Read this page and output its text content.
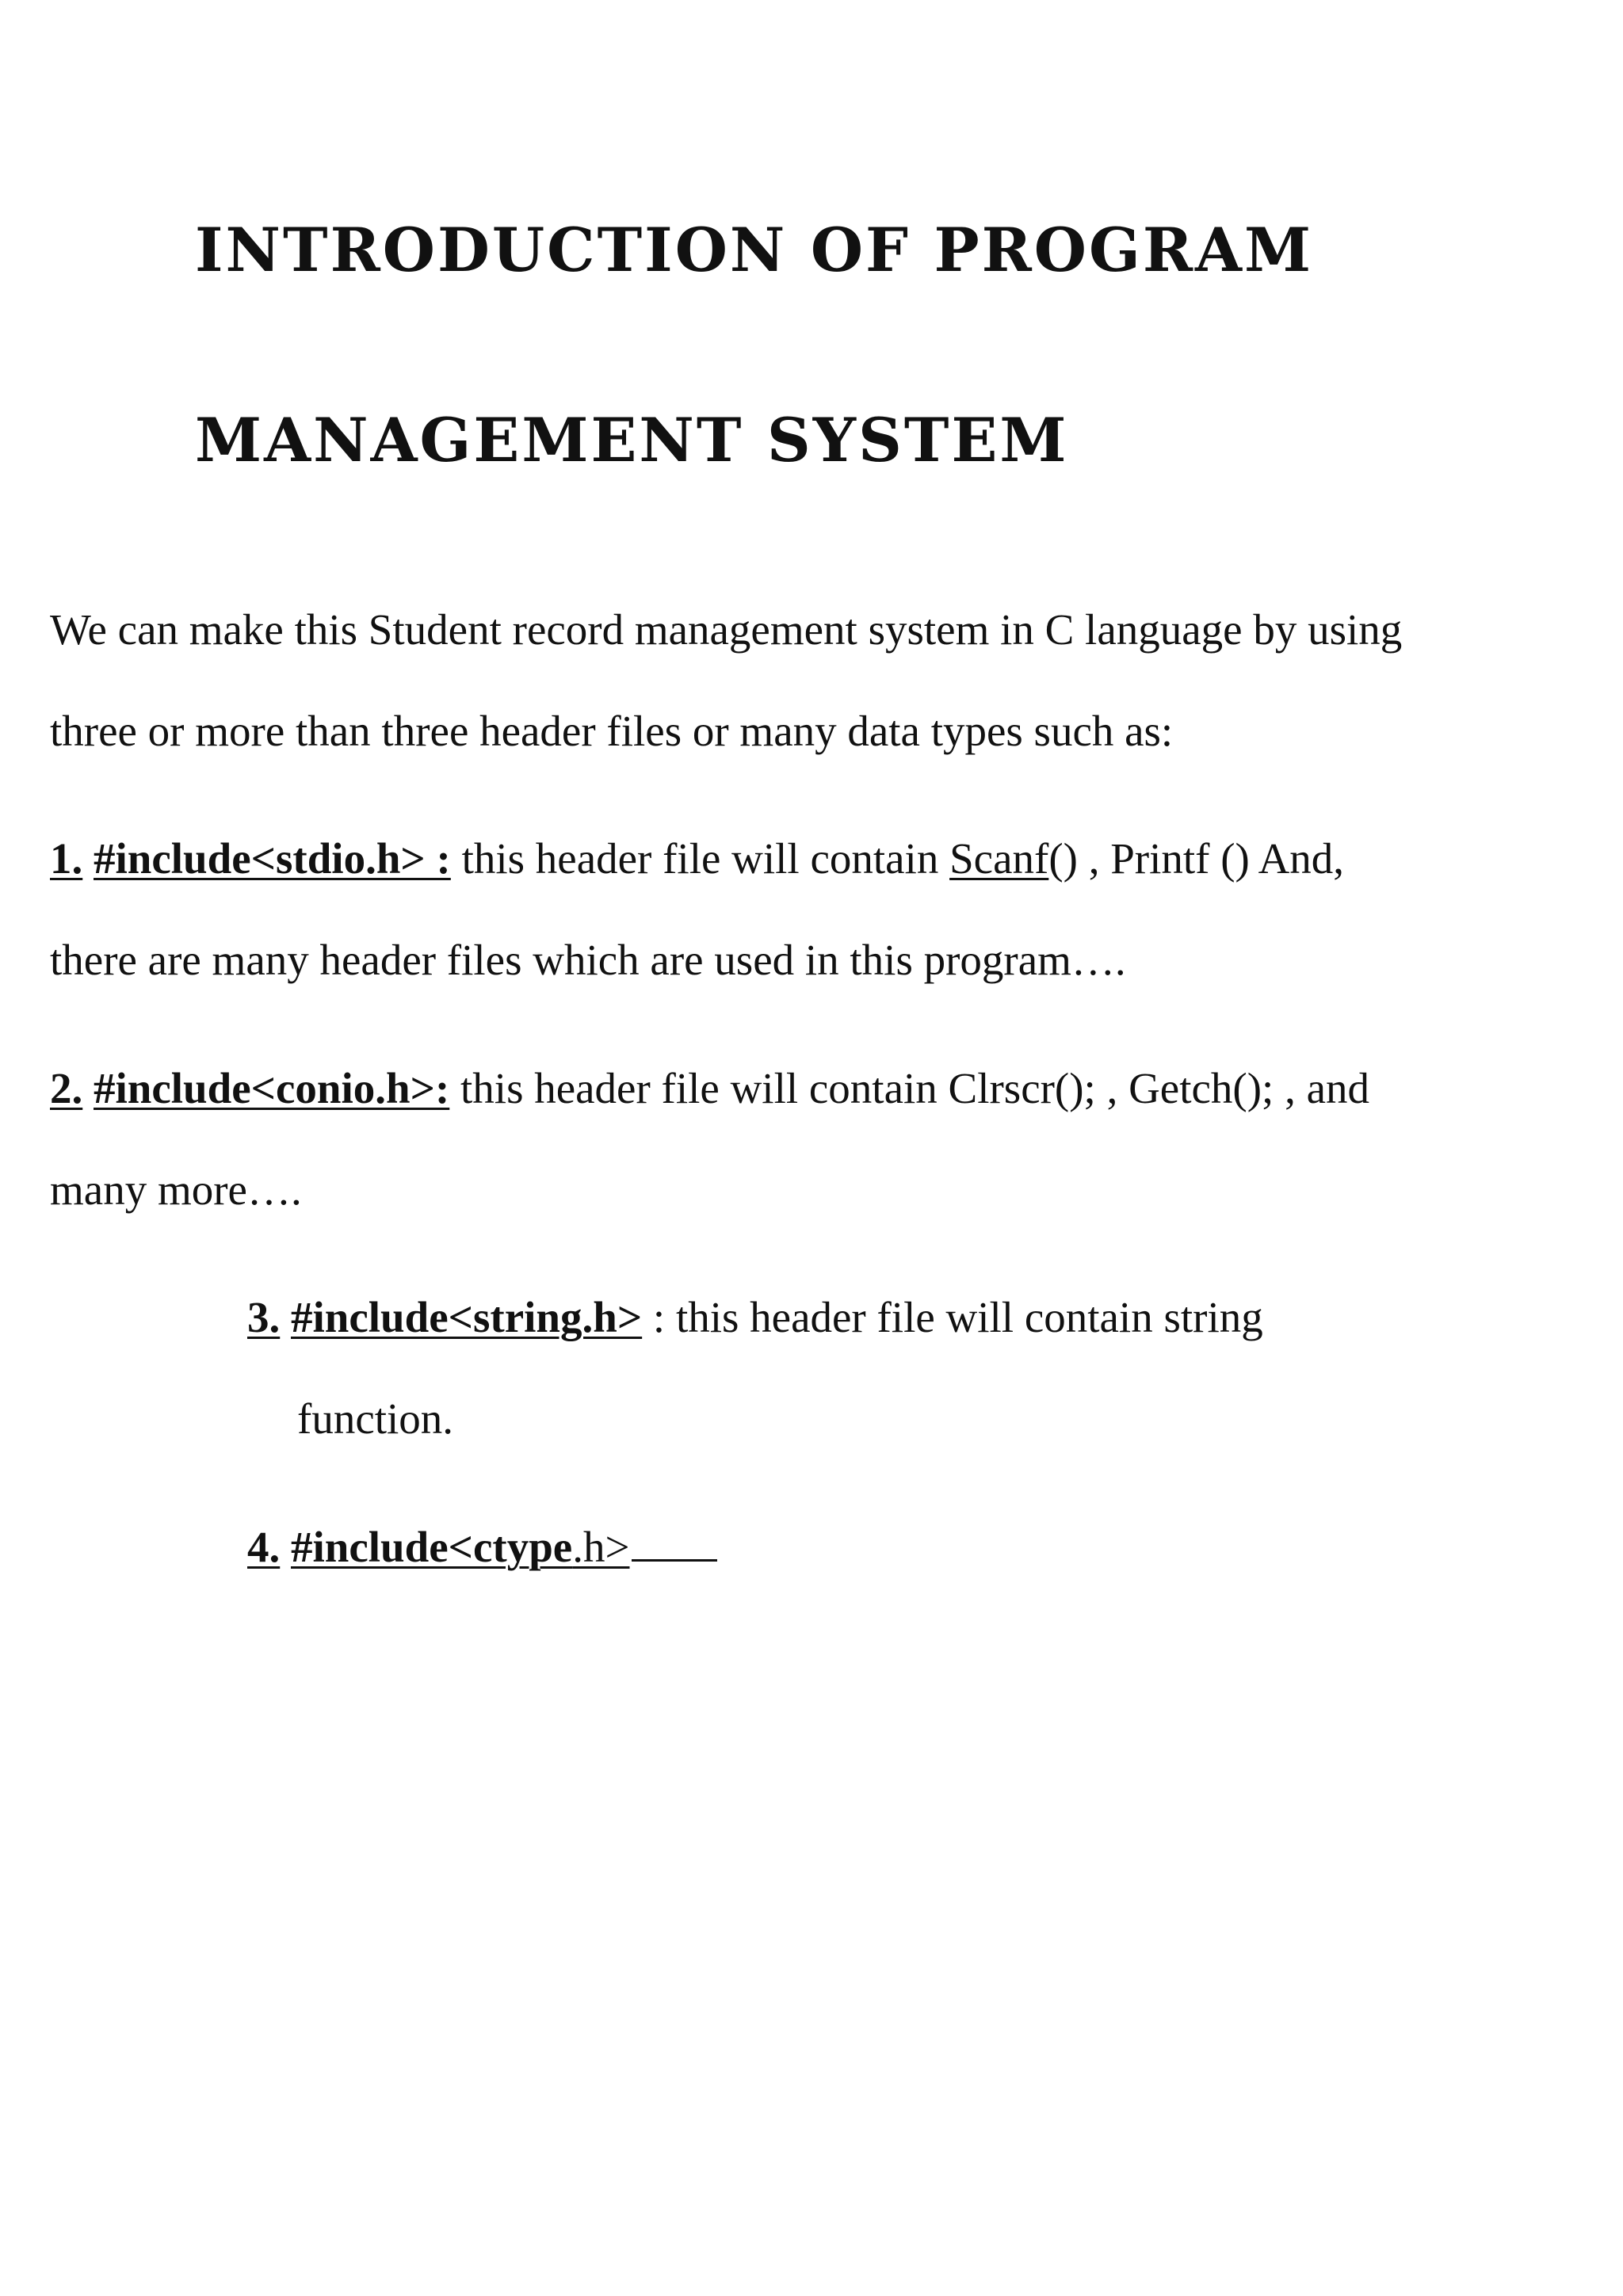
INTRODUCTION OF PROGRAM
MANAGEMENT SYSTEM

We can make this Student record management system in C language by using

three or more than three header files or many data types such as:

1. #include<stdio.h> : this header file will contain Scanf() , Printf () And,

there are many header files which are used in this program….

2. #include<conio.h>: this header file will contain Clrscr(); , Getch(); , and

many more….

3. #include<string.h> : this header file will contain string

function.

4. #include<ctype.h>
